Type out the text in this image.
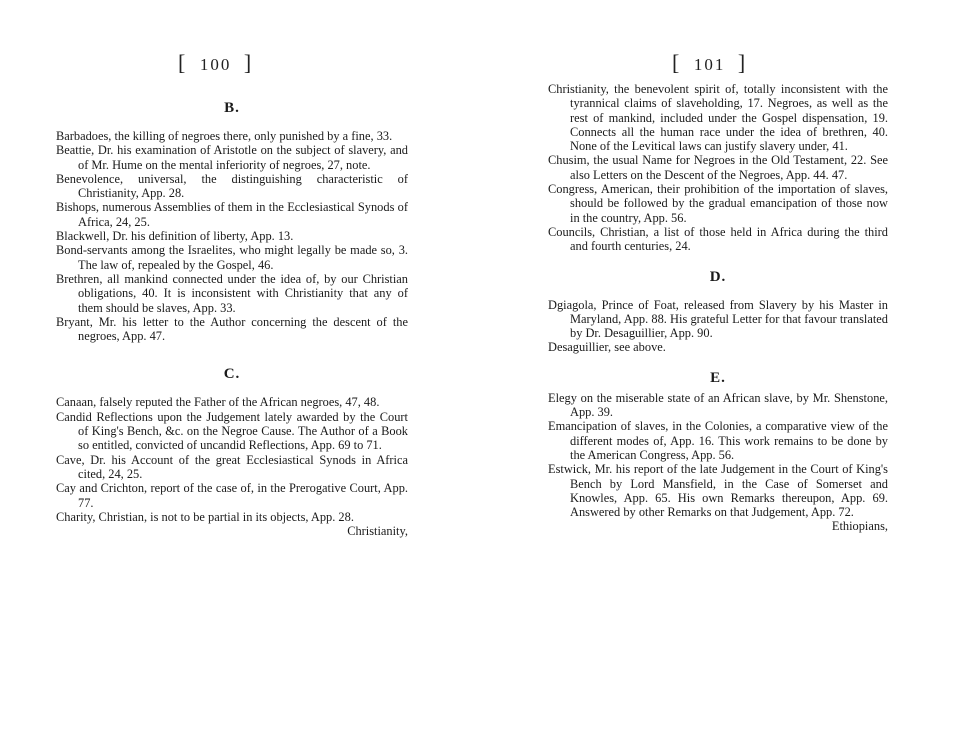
[ 100 ]
B.

Barbadoes, the killing of negroes there, only punished by a fine, 33.

Beattie, Dr. his examination of Aristotle on the subject of slavery, and of Mr. Hume on the mental inferiority of negroes, 27, note.

Benevolence, universal, the distinguishing characteristic of Christianity, App. 28.

Bishops, numerous Assemblies of them in the Ecclesiastical Synods of Africa, 24, 25.

Blackwell, Dr. his definition of liberty, App. 13.

Bond-servants among the Israelites, who might legally be made so, 3. The law of, repealed by the Gospel, 46.

Brethren, all mankind connected under the idea of, by our Christian obligations, 40. It is inconsistent with Christianity that any of them should be slaves, App. 33.

Bryant, Mr. his letter to the Author concerning the descent of the negroes, App. 47.

C.

Canaan, falsely reputed the Father of the African negroes, 47, 48.

Candid Reflections upon the Judgement lately awarded by the Court of King's Bench, &c. on the Negroe Cause. The Author of a Book so entitled, convicted of uncandid Reflections, App. 69 to 71.

Cave, Dr. his Account of the great Ecclesiastical Synods in Africa cited, 24, 25.

Cay and Crichton, report of the case of, in the Prerogative Court, App. 77.

Charity, Christian, is not to be partial in its objects, App. 28.

Christianity,

[ 101 ]

Christianity, the benevolent spirit of, totally inconsistent with the tyrannical claims of slaveholding, 17. Negroes, as well as the rest of mankind, included under the Gospel dispensation, 19. Connects all the human race under the idea of brethren, 40. None of the Levitical laws can justify slavery under, 41.

Chusim, the usual Name for Negroes in the Old Testament, 22. See also Letters on the Descent of the Negroes, App. 44. 47.

Congress, American, their prohibition of the importation of slaves, should be followed by the gradual emancipation of those now in the country, App. 56.

Councils, Christian, a list of those held in Africa during the third and fourth centuries, 24.

D.

Dgiagola, Prince of Foat, released from Slavery by his Master in Maryland, App. 88. His grateful Letter for that favour translated by Dr. Desaguillier, App. 90.

Desaguillier, see above.

E.

Elegy on the miserable state of an African slave, by Mr. Shenstone, App. 39.

Emancipation of slaves, in the Colonies, a comparative view of the different modes of, App. 16. This work remains to be done by the American Congress, App. 56.

Estwick, Mr. his report of the late Judgement in the Court of King's Bench by Lord Mansfield, in the Case of Somerset and Knowles, App. 65. His own Remarks thereupon, App. 69. Answered by other Remarks on that Judgement, App. 72.

Ethiopians,
